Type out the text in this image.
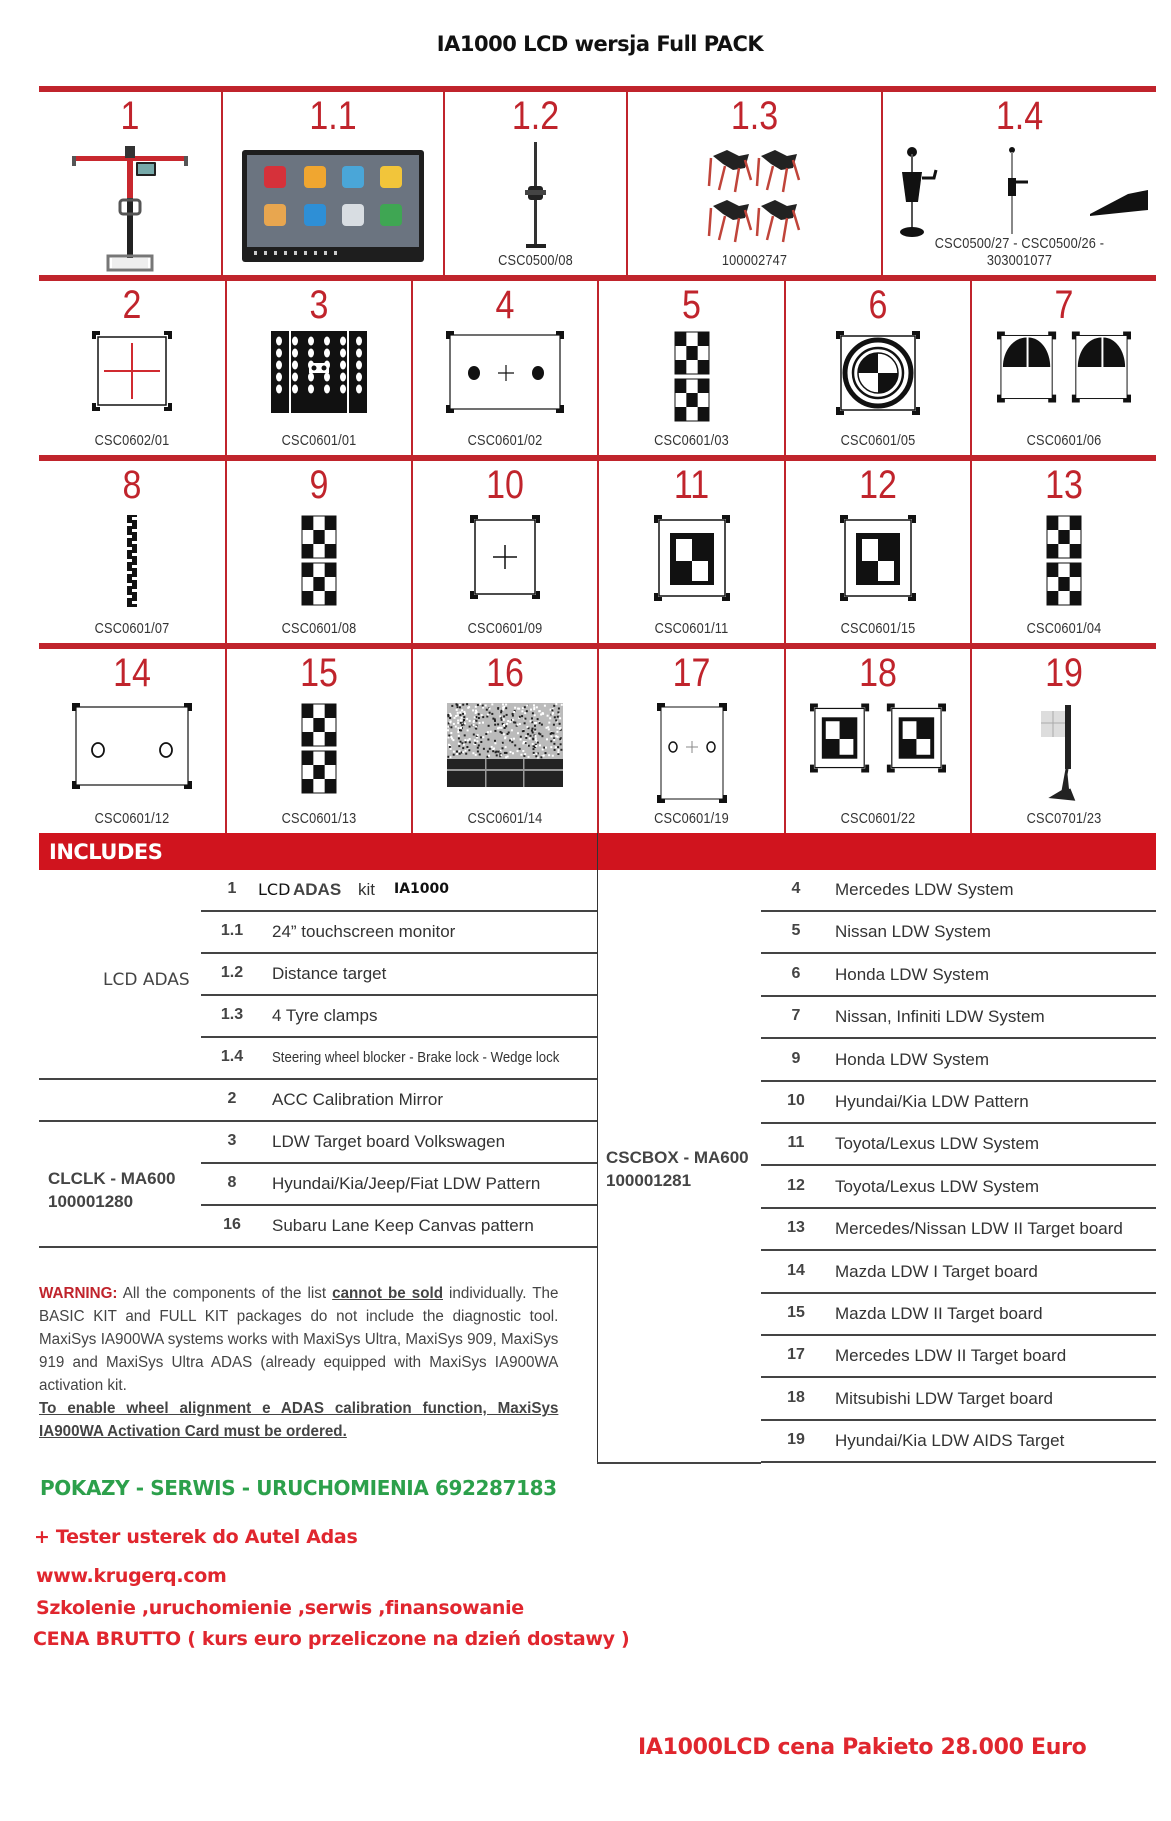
IA1000 LCD wersja Full PACK
1	1.1	1.2
CSC0500/08
1.3
100002747
1.4
CSC0500/27 - CSC0500/26 - 303001077
2
CSC0602/01
3
CSC0601/01
4
CSC0601/02
5
CSC0601/03
6
CSC0601/05
7
CSC0601/06
8
CSC0601/07
9
CSC0601/08
10
CSC0601/09
11
CSC0601/11
12
CSC0601/15
13
CSC0601/04
14
CSC0601/12
15
CSC0601/13
16
CSC0601/14
17
CSC0601/19
18
CSC0601/22
19
CSC0701/23
INCLUDES
LCD ADAS
1	LCD ADAS kit IA1000
1.1	24” touchscreen monitor
1.2	Distance target
1.3	4 Tyre clamps
1.4	Steering wheel blocker - Brake lock - Wedge lock
2	ACC Calibration Mirror
CLCLK - MA600
100001280
3	LDW Target board Volkswagen
8	Hyundai/Kia/Jeep/Fiat LDW Pattern
16	Subaru Lane Keep Canvas pattern
CSCBOX - MA600
100001281
4	Mercedes LDW System
5	Nissan LDW System
6	Honda LDW System
7	Nissan, Infiniti LDW System
9	Honda LDW System
10	Hyundai/Kia LDW Pattern
11	Toyota/Lexus LDW System
12	Toyota/Lexus LDW System
13	Mercedes/Nissan LDW II Target board
14	Mazda LDW I Target board
15	Mazda LDW II Target board
17	Mercedes LDW II Target board
18	Mitsubishi LDW Target board
19	Hyundai/Kia LDW AIDS Target
WARNING: All the components of the list cannot be sold individually. The BASIC KIT and FULL KIT packages do not include the diagnostic tool. MaxiSys IA900WA systems works with MaxiSys Ultra, MaxiSys 909, MaxiSys 919 and MaxiSys Ultra ADAS (already equipped with MaxiSys IA900WA activation kit.
To enable wheel alignment e ADAS calibration function, MaxiSys IA900WA Activation Card must be ordered.
POKAZY - SERWIS - URUCHOMIENIA 692287183
+ Tester usterek do Autel Adas
www.krugerq.com
Szkolenie ,uruchomienie ,serwis ,finansowanie
CENA BRUTTO ( kurs euro przeliczone na dzień dostawy )
IA1000LCD cena Pakieto 28.000 Euro
